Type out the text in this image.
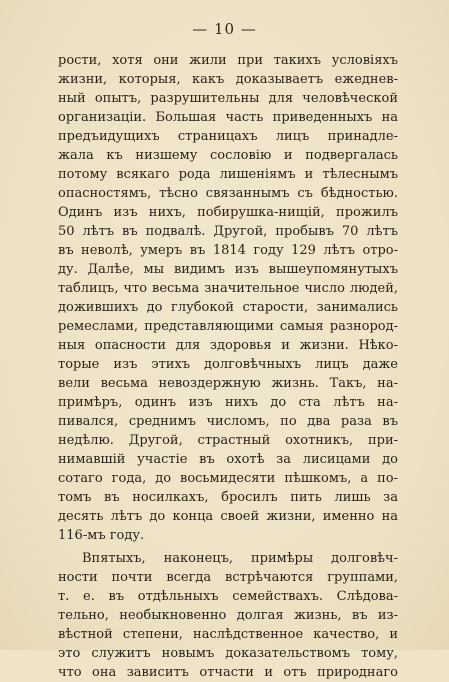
— 10 —
рости, хотя они жили при такихъ условіяхъ
жизни, которыя, какъ доказываетъ ежеднев-
ный опытъ, разрушительны для человѣческой
организаціи. Большая часть приведенныхъ на
предъидущихъ страницахъ лицъ принадле-
жала къ низшему сословію и подвергалась
потому всякаго рода лишеніямъ и тѣлеснымъ
опасностямъ, тѣсно связаннымъ съ бѣдностью.
Одинъ изъ нихъ, побирушка-нищій, прожилъ
50 лѣтъ въ подвалѣ. Другой, пробывъ 70 лѣтъ
въ неволѣ, умеръ въ 1814 году 129 лѣтъ отро-
ду. Далѣе, мы видимъ изъ вышеупомянутыхъ
таблицъ, что весьма значительное число людей,
дожившихъ до глубокой старости, занимались
ремеслами, представляющими самыя разнород-
ныя опасности для здоровья и жизни. Нѣко-
торые изъ этихъ долговѣчныхъ лицъ даже
вели весьма невоздержную жизнь. Такъ, на-
примѣръ, одинъ изъ нихъ до ста лѣтъ на-
пивался, среднимъ числомъ, по два раза въ
недѣлю. Другой, страстный охотникъ, при-
нимавшій участіе въ охотѣ за лисицами до
сотаго года, до восьмидесяти пѣшкомъ, а по-
томъ въ носилкахъ, бросилъ пить лишь за
десять лѣтъ до конца своей жизни, именно на
116-мъ году.
Впятыхъ, наконецъ, примѣры долговѣч-
ности почти всегда встрѣчаются группами,
т. е. въ отдѣльныхъ семействахъ. Слѣдова-
тельно, необыкновенно долгая жизнь, въ из-
вѣстной степени, наслѣдственное качество, и
это служитъ новымъ доказательствомъ тому,
что она зависитъ отчасти и отъ природнаго
